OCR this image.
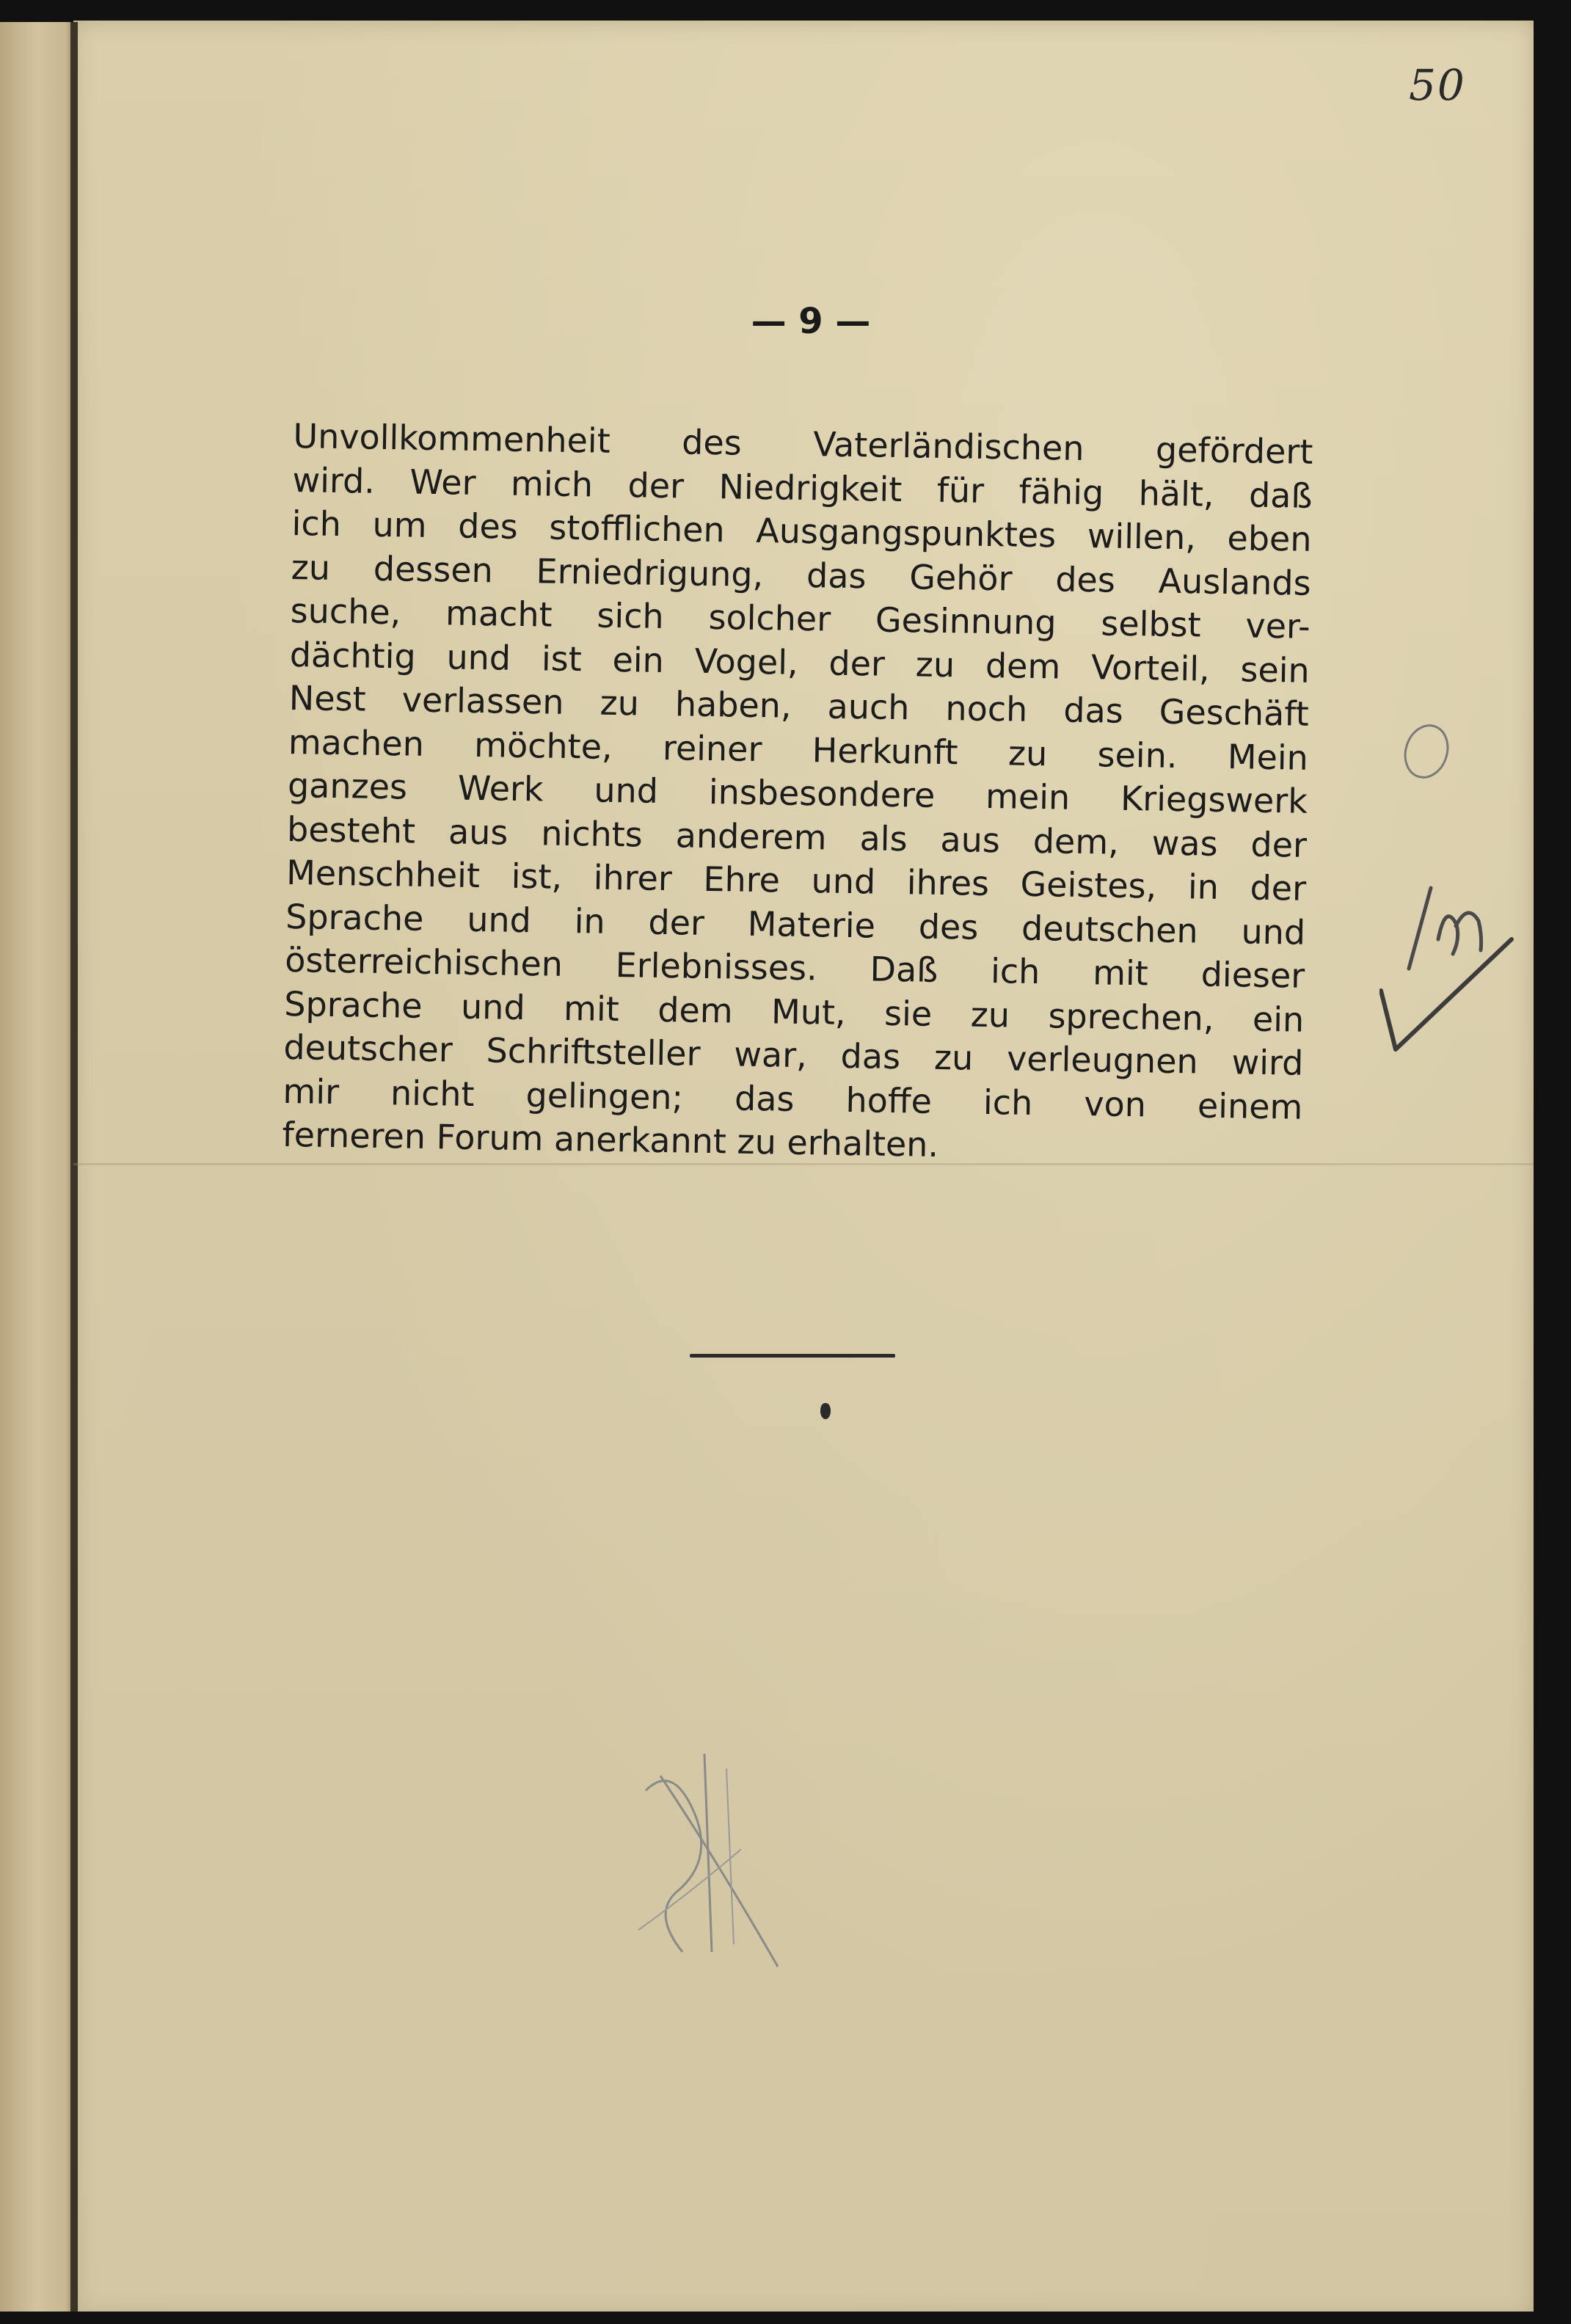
50
— 9 —
Unvollkommenheit des Vaterländischen gefördert
wird. Wer mich der Niedrigkeit für fähig hält, daß
ich um des stofflichen Ausgangspunktes willen, eben
zu dessen Erniedrigung, das Gehör des Auslands
suche, macht sich solcher Gesinnung selbst ver-
dächtig und ist ein Vogel, der zu dem Vorteil, sein
Nest verlassen zu haben, auch noch das Geschäft
machen möchte, reiner Herkunft zu sein. Mein
ganzes Werk und insbesondere mein Kriegswerk
besteht aus nichts anderem als aus dem, was der
Menschheit ist, ihrer Ehre und ihres Geistes, in der
Sprache und in der Materie des deutschen und
österreichischen Erlebnisses. Daß ich mit dieser
Sprache und mit dem Mut, sie zu sprechen, ein
deutscher Schriftsteller war, das zu verleugnen wird
mir nicht gelingen; das hoffe ich von einem
ferneren Forum anerkannt zu erhalten.
